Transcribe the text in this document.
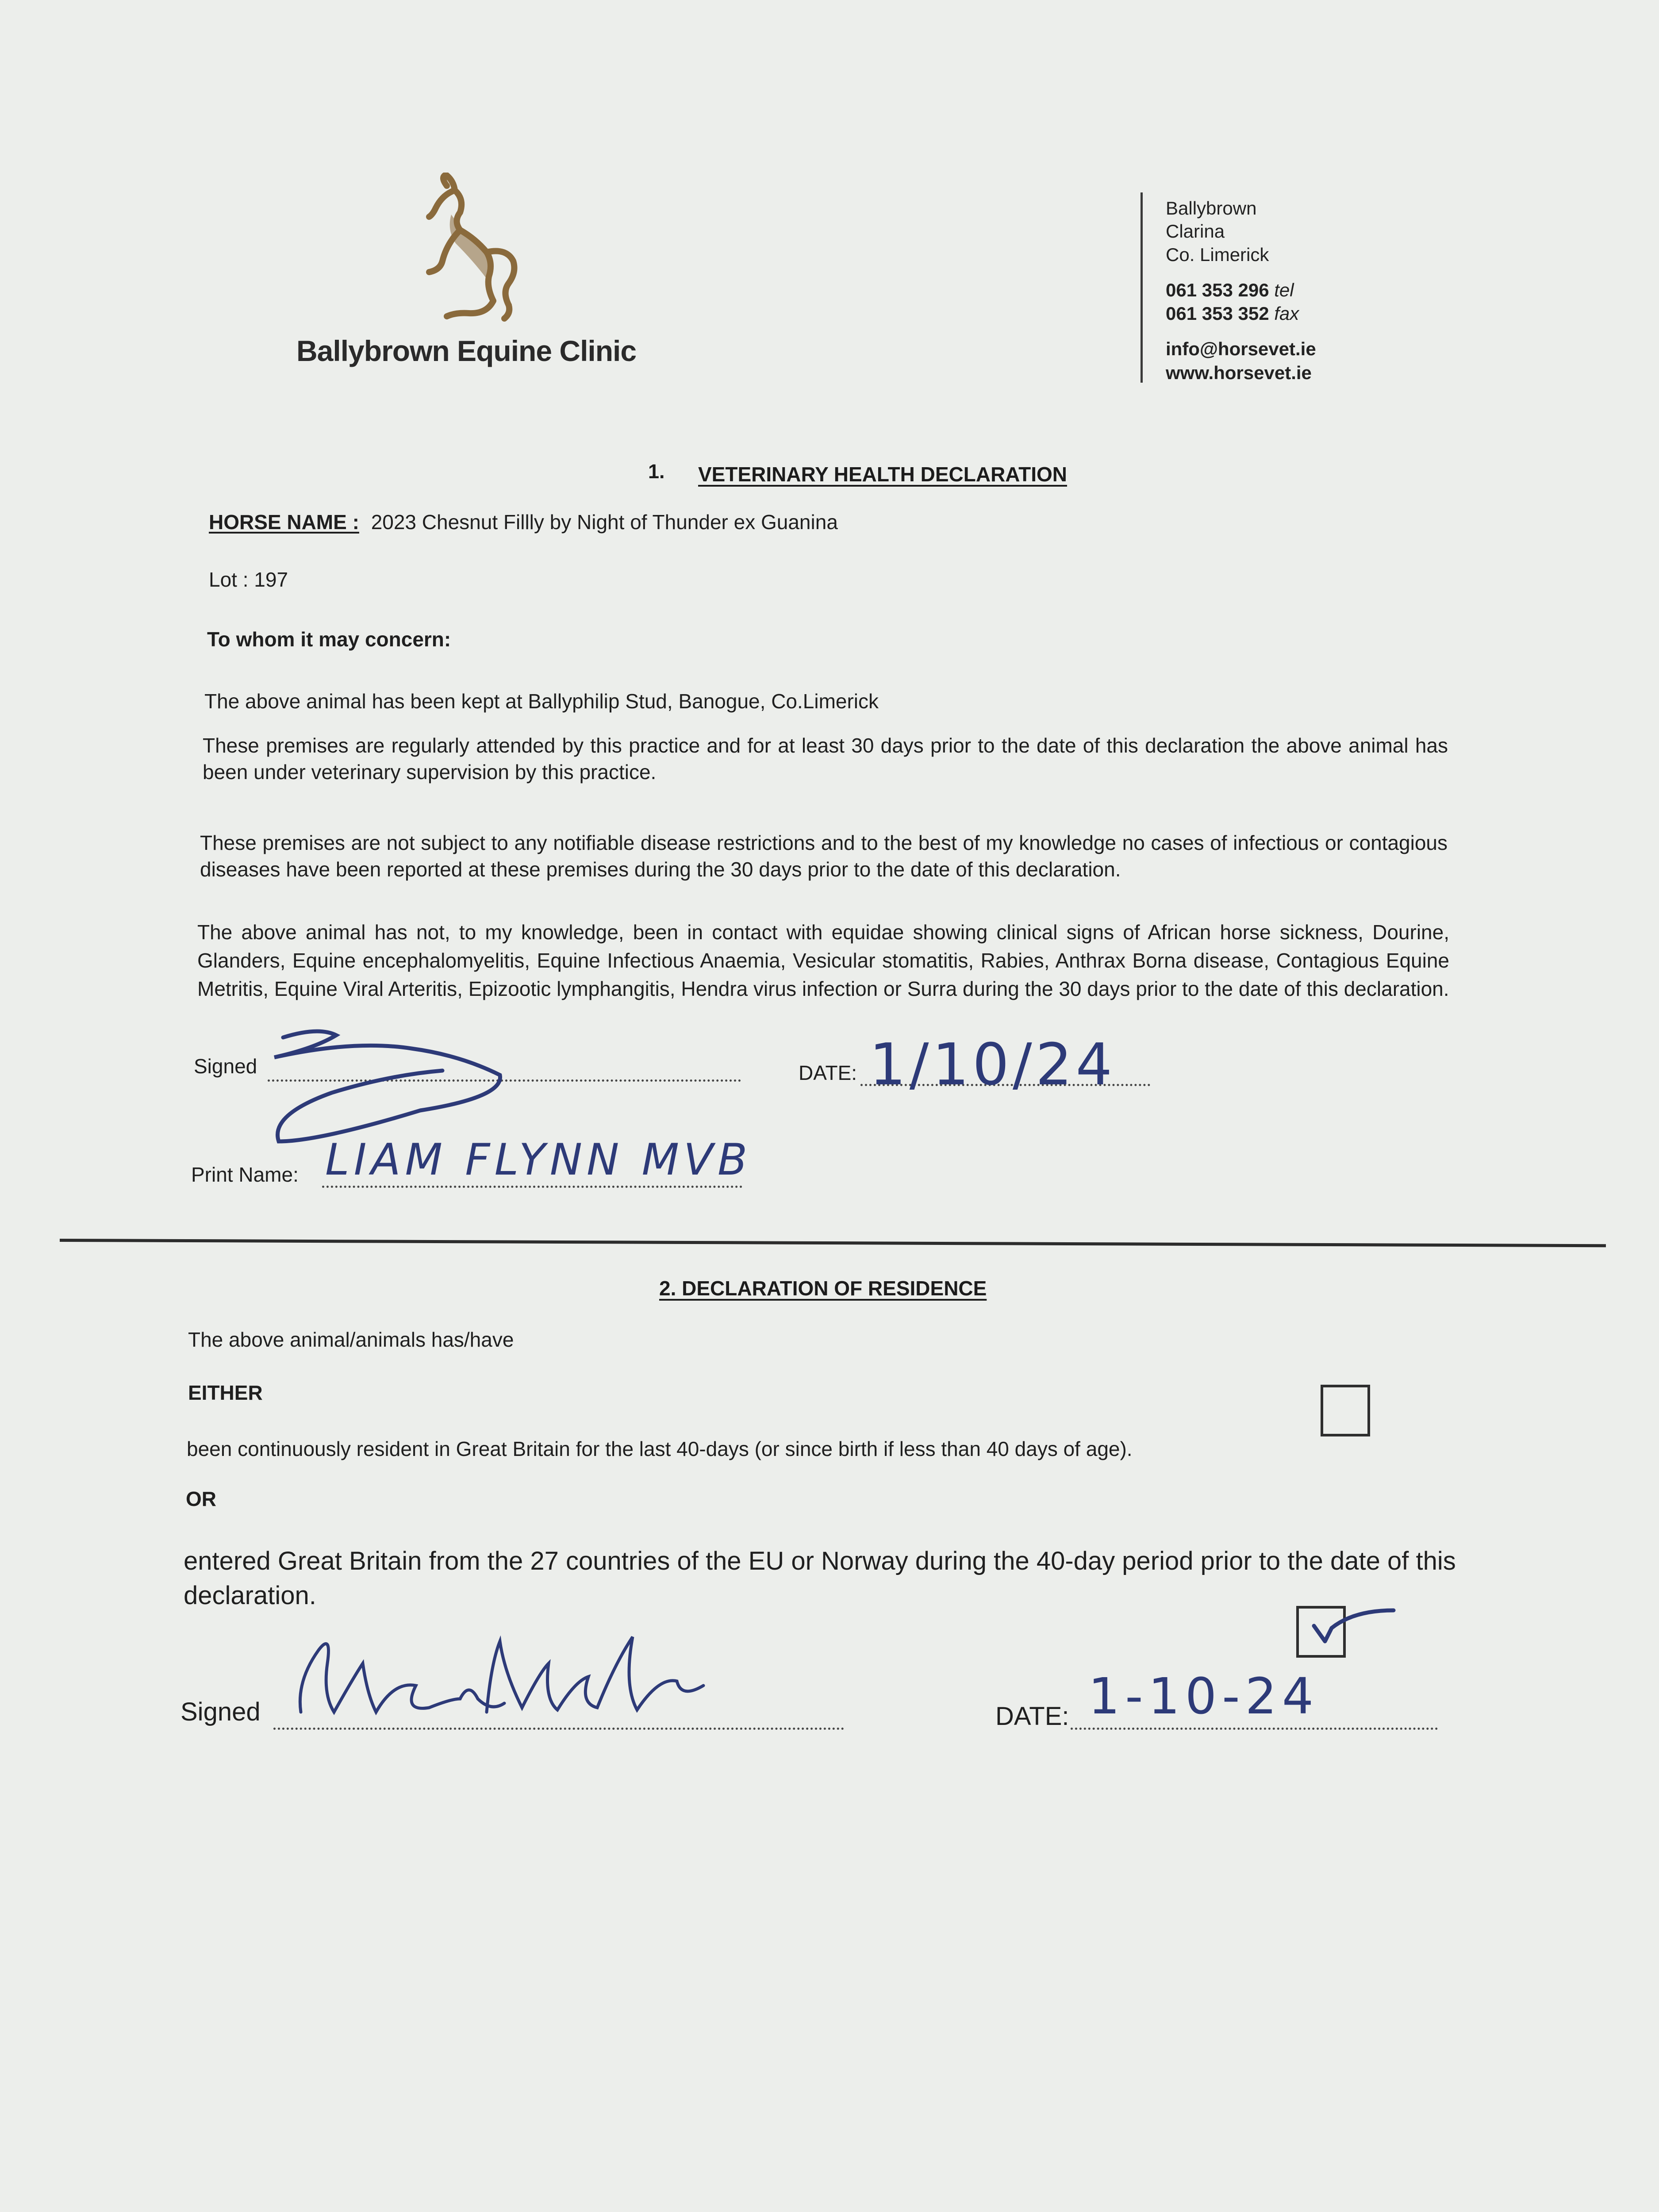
Ballybrown Equine Clinic
Ballybrown
Clarina
Co. Limerick
061 353 296 tel
061 353 352 fax
info@horsevet.ie
www.horsevet.ie
1. VETERINARY HEALTH DECLARATION
HORSE NAME : 2023 Chesnut Fillly by Night of Thunder ex Guanina
Lot : 197
To whom it may concern:
The above animal has been kept at Ballyphilip Stud, Banogue, Co.Limerick
These premises are regularly attended by this practice and for at least 30 days prior to the date of this declaration the above animal has been under veterinary supervision by this practice.
These premises are not subject to any notifiable disease restrictions and to the best of my knowledge no cases of infectious or contagious diseases have been reported at these premises during the 30 days prior to the date of this declaration.
The above animal has not, to my knowledge, been in contact with equidae showing clinical signs of African horse sickness, Dourine, Glanders, Equine encephalomyelitis, Equine Infectious Anaemia, Vesicular stomatitis, Rabies, Anthrax Borna disease, Contagious Equine Metritis, Equine Viral Arteritis, Epizootic lymphangitis, Hendra virus infection or Surra during the 30 days prior to the date of this declaration.
Signed	DATE: 1/10/24
Print Name: LIAM FLYNN MVB
2. DECLARATION OF RESIDENCE
The above animal/animals has/have
EITHER
been continuously resident in Great Britain for the last 40-days (or since birth if less than 40 days of age).
OR
entered Great Britain from the 27 countries of the EU or Norway during the 40-day period prior to the date of this declaration.
Signed	DATE: 1-10-24
